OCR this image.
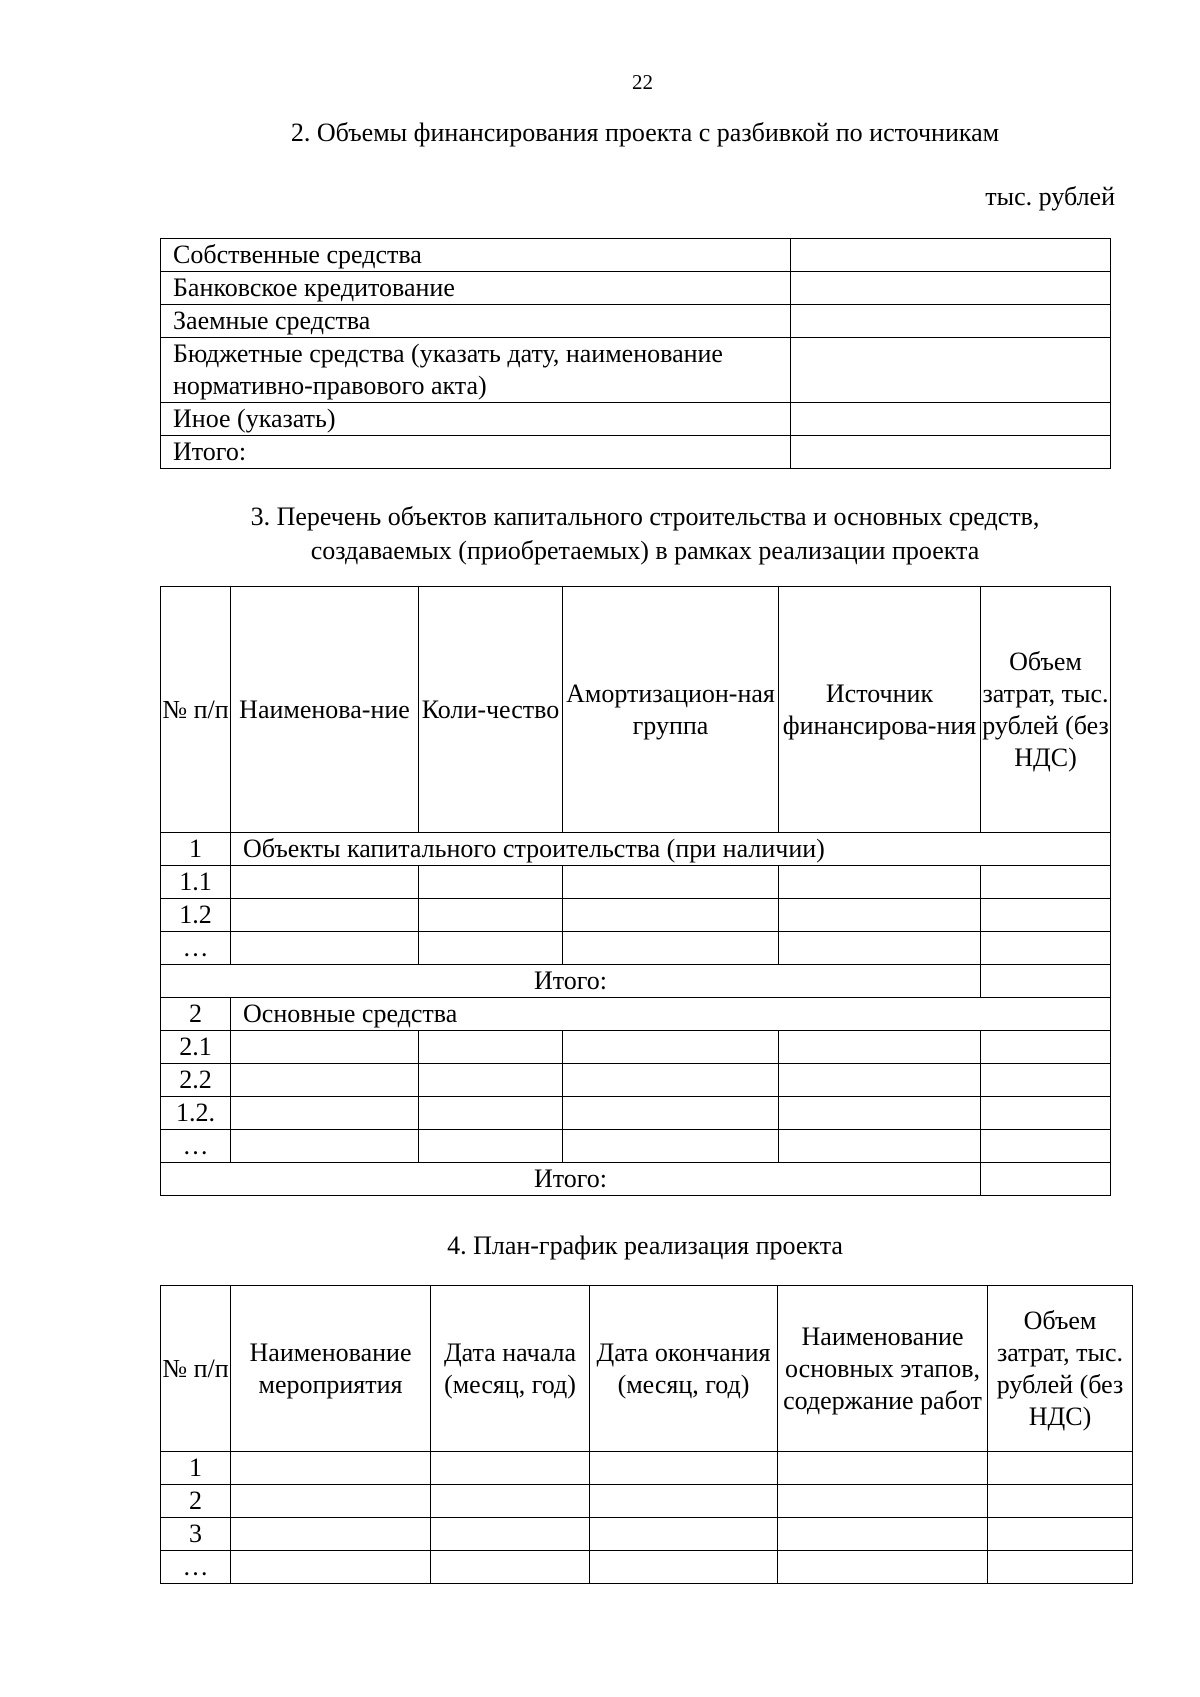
22
2. Объемы финансирования проекта с разбивкой по источникам
тыс. рублей
Собственные средства	
Банковское кредитование	
Заемные средства	
Бюджетные средства (указать дату, наименование нормативно-правового акта)	
Иное (указать)	
Итого:	
3. Перечень объектов капитального строительства и основных средств,
создаваемых (приобретаемых) в рамках реализации проекта
№ п/п	Наименова-ние	Коли-чество	Амортизацион-ная группа	Источник финансирова-ния	Объем затрат, тыс. рублей (без НДС)
1	Объекты капитального строительства (при наличии)				
1.1					
1.2					
…					
Итого:					
2	Основные средства				
2.1					
2.2					
1.2.					
…					
Итого:					
4. План-график реализация проекта
№ п/п	Наименование мероприятия	Дата начала (месяц, год)	Дата окончания (месяц, год)	Наименование основных этапов, содержание работ	Объем затрат, тыс. рублей (без НДС)
1					
2					
3					
…					
